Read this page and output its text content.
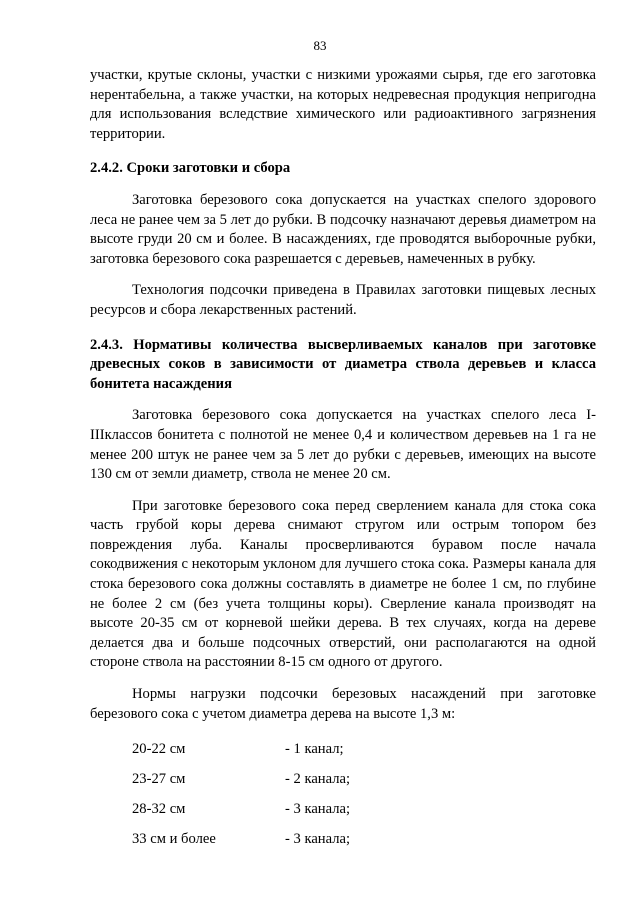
83

участки, крутые склоны, участки с низкими урожаями сырья, где его заготовка нерентабельна, а также участки, на которых недревесная продукция непригодна для использования вследствие химического или радиоактивного загрязнения территории.

2.4.2. Сроки заготовки и сбора

Заготовка березового сока допускается на участках спелого здорового леса не ранее чем за 5 лет до рубки. В подсочку назначают деревья диаметром на высоте груди 20 см и более. В насаждениях, где проводятся выборочные рубки, заготовка березового сока разрешается с деревьев, намеченных в рубку.

Технология подсочки приведена в Правилах заготовки пищевых лесных ресурсов и сбора лекарственных растений.

2.4.3. Нормативы количества высверливаемых каналов при заготовке древесных соков в зависимости от диаметра ствола деревьев и класса бонитета насаждения

Заготовка березового сока допускается на участках спелого леса I-IIIклассов бонитета с полнотой не менее 0,4 и количеством деревьев на 1 га не менее 200 штук не ранее чем за 5 лет до рубки с деревьев, имеющих на высоте 130 см от земли диаметр, ствола не менее 20 см.

При заготовке березового сока перед сверлением канала для стока сока часть грубой коры дерева снимают стругом или острым топором без повреждения луба. Каналы просверливаются буравом после начала сокодвижения с некоторым уклоном для лучшего стока сока. Размеры канала для стока березового сока должны составлять в диаметре не более 1 см, по глубине не более 2 см (без учета толщины коры). Сверление канала производят на высоте 20-35 см от корневой шейки дерева. В тех случаях, когда на дереве делается два и больше подсочных отверстий, они располагаются на одной стороне ствола на расстоянии 8-15 см одного от другого.

Нормы нагрузки подсочки березовых насаждений при заготовке березового сока с учетом диаметра дерева на высоте 1,3 м:

20-22 см	- 1 канал;
23-27 см	- 2 канала;
28-32 см	- 3 канала;
33 см и более	- 3 канала;
